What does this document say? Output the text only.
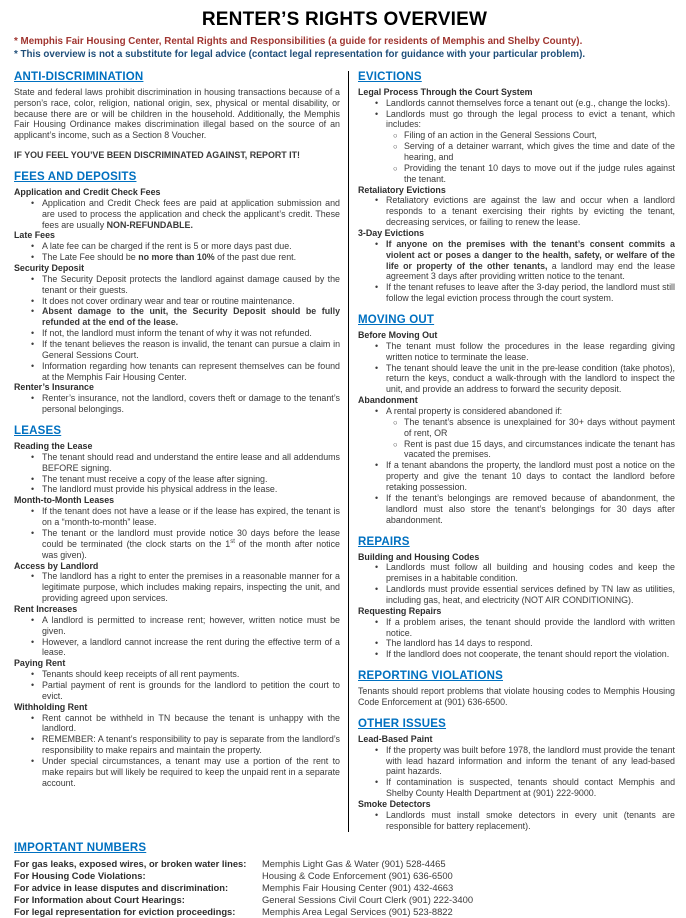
RENTER’S RIGHTS OVERVIEW
* Memphis Fair Housing Center, Rental Rights and Responsibilities (a guide for residents of Memphis and Shelby County).
* This overview is not a substitute for legal advice (contact legal representation for guidance with your particular problem).
ANTI-DISCRIMINATION
State and federal laws prohibit discrimination in housing transactions because of a person’s race, color, religion, national origin, sex, physical or mental disability, or because there are or will be children in the household. Additionally, the Memphis Fair Housing Ordinance makes discrimination illegal based on the source of an applicant’s income, such as a Section 8 Voucher.
IF YOU FEEL YOU’VE BEEN DISCRIMINATED AGAINST, REPORT IT!
FEES AND DEPOSITS
Application and Credit Check Fees
• Application and Credit Check fees are paid at application submission and are used to process the application and check the applicant’s credit. These fees are usually NON-REFUNDABLE.
Late Fees
• A late fee can be charged if the rent is 5 or more days past due.
• The Late Fee should be no more than 10% of the past due rent.
Security Deposit
• The Security Deposit protects the landlord against damage caused by the tenant or their guests.
• It does not cover ordinary wear and tear or routine maintenance.
• Absent damage to the unit, the Security Deposit should be fully refunded at the end of the lease.
• If not, the landlord must inform the tenant of why it was not refunded.
• If the tenant believes the reason is invalid, the tenant can pursue a claim in General Sessions Court.
• Information regarding how tenants can represent themselves can be found at the Memphis Fair Housing Center.
Renter’s Insurance
• Renter’s insurance, not the landlord, covers theft or damage to the tenant’s personal belongings.
LEASES
Reading the Lease
• The tenant should read and understand the entire lease and all addendums BEFORE signing.
• The tenant must receive a copy of the lease after signing.
• The landlord must provide his physical address in the lease.
Month-to-Month Leases
• If the tenant does not have a lease or if the lease has expired, the tenant is on a “month-to-month” lease.
• The tenant or the landlord must provide notice 30 days before the lease could be terminated (the clock starts on the 1st of the month after notice was given).
Access by Landlord
• The landlord has a right to enter the premises in a reasonable manner for a legitimate purpose, which includes making repairs, inspecting the unit, and providing agreed upon services.
Rent Increases
• A landlord is permitted to increase rent; however, written notice must be given.
• However, a landlord cannot increase the rent during the effective term of a lease.
Paying Rent
• Tenants should keep receipts of all rent payments.
• Partial payment of rent is grounds for the landlord to petition the court to evict.
Withholding Rent
• Rent cannot be withheld in TN because the tenant is unhappy with the landlord.
• REMEMBER: A tenant’s responsibility to pay is separate from the landlord’s responsibility to make repairs and maintain the property.
• Under special circumstances, a tenant may use a portion of the rent to make repairs but will likely be required to keep the unpaid rent in a separate account.
EVICTIONS
Legal Process Through the Court System
• Landlords cannot themselves force a tenant out (e.g., change the locks).
• Landlords must go through the legal process to evict a tenant, which includes:
○ Filing of an action in the General Sessions Court,
○ Serving of a detainer warrant, which gives the time and date of the hearing, and
○ Providing the tenant 10 days to move out if the judge rules against the tenant.
Retaliatory Evictions
• Retaliatory evictions are against the law and occur when a landlord responds to a tenant exercising their rights by evicting the tenant, decreasing services, or failing to renew the lease.
3-Day Evictions
• If anyone on the premises with the tenant’s consent commits a violent act or poses a danger to the health, safety, or welfare of the life or property of the other tenants, a landlord may end the lease agreement 3 days after providing written notice to the tenant.
• If the tenant refuses to leave after the 3-day period, the landlord must still follow the legal eviction process through the court system.
MOVING OUT
Before Moving Out
• The tenant must follow the procedures in the lease regarding giving written notice to terminate the lease.
• The tenant should leave the unit in the pre-lease condition (take photos), return the keys, conduct a walk-through with the landlord to inspect the unit, and provide an address to forward the security deposit.
Abandonment
• A rental property is considered abandoned if:
○ The tenant’s absence is unexplained for 30+ days without payment of rent, OR
○ Rent is past due 15 days, and circumstances indicate the tenant has vacated the premises.
• If a tenant abandons the property, the landlord must post a notice on the property and give the tenant 10 days to contact the landlord before retaking possession.
• If the tenant’s belongings are removed because of abandonment, the landlord must also store the tenant’s belongings for 30 days after abandonment.
REPAIRS
Building and Housing Codes
• Landlords must follow all building and housing codes and keep the premises in a habitable condition.
• Landlords must provide essential services defined by TN law as utilities, including gas, heat, and electricity (NOT AIR CONDITIONING).
Requesting Repairs
• If a problem arises, the tenant should provide the landlord with written notice.
• The landlord has 14 days to respond.
• If the landlord does not cooperate, the tenant should report the violation.
REPORTING VIOLATIONS
Tenants should report problems that violate housing codes to Memphis Housing Code Enforcement at (901) 636-6500.
OTHER ISSUES
Lead-Based Paint
• If the property was built before 1978, the landlord must provide the tenant with lead hazard information and inform the tenant of any lead-based paint hazards.
• If contamination is suspected, tenants should contact Memphis and Shelby County Health Department at (901) 222-9000.
Smoke Detectors
• Landlords must install smoke detectors in every unit (tenants are responsible for battery replacement).
IMPORTANT NUMBERS
For gas leaks, exposed wires, or broken water lines:	Memphis Light Gas & Water (901) 528-4465
For Housing Code Violations:	Housing & Code Enforcement (901) 636-6500
For advice in lease disputes and discrimination:	Memphis Fair Housing Center (901) 432-4663
For Information about Court Hearings:	General Sessions Civil Court Clerk (901) 222-3400
For legal representation for eviction proceedings:	Memphis Area Legal Services (901) 523-8822
